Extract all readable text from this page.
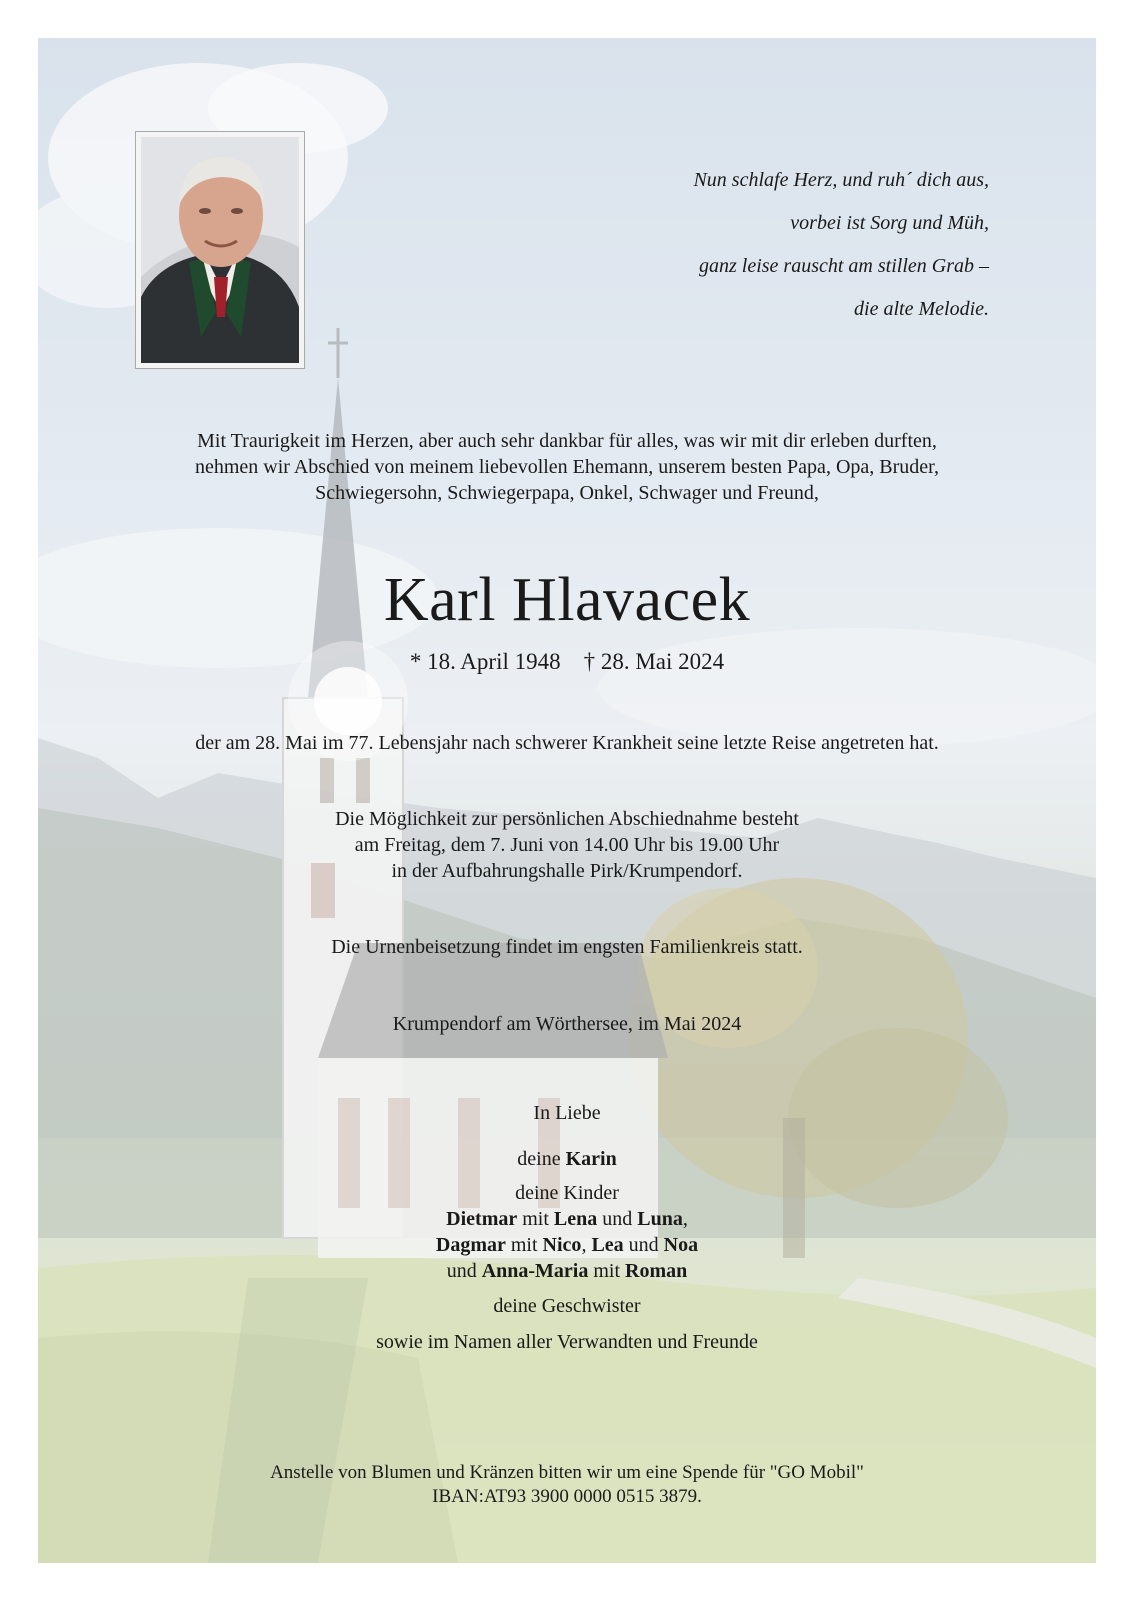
Nun schlafe Herz, und ruh´ dich aus,
vorbei ist Sorg und Müh,
ganz leise rauscht am stillen Grab –
die alte Melodie.
Mit Traurigkeit im Herzen, aber auch sehr dankbar für alles, was wir mit dir erleben durften,
nehmen wir Abschied von meinem liebevollen Ehemann, unserem besten Papa, Opa, Bruder,
Schwiegersohn, Schwiegerpapa, Onkel, Schwager und Freund,
Karl Hlavacek
* 18. April 1948 † 28. Mai 2024
der am 28. Mai im 77. Lebensjahr nach schwerer Krankheit seine letzte Reise angetreten hat.
Die Möglichkeit zur persönlichen Abschiednahme besteht
am Freitag, dem 7. Juni von 14.00 Uhr bis 19.00 Uhr
in der Aufbahrungshalle Pirk/Krumpendorf.
Die Urnenbeisetzung findet im engsten Familienkreis statt.
Krumpendorf am Wörthersee, im Mai 2024
In Liebe
deine Karin
deine Kinder
Dietmar mit Lena und Luna,
Dagmar mit Nico, Lea und Noa
und Anna-Maria mit Roman
deine Geschwister
sowie im Namen aller Verwandten und Freunde
Anstelle von Blumen und Kränzen bitten wir um eine Spende für "GO Mobil"
IBAN:AT93 3900 0000 0515 3879.
